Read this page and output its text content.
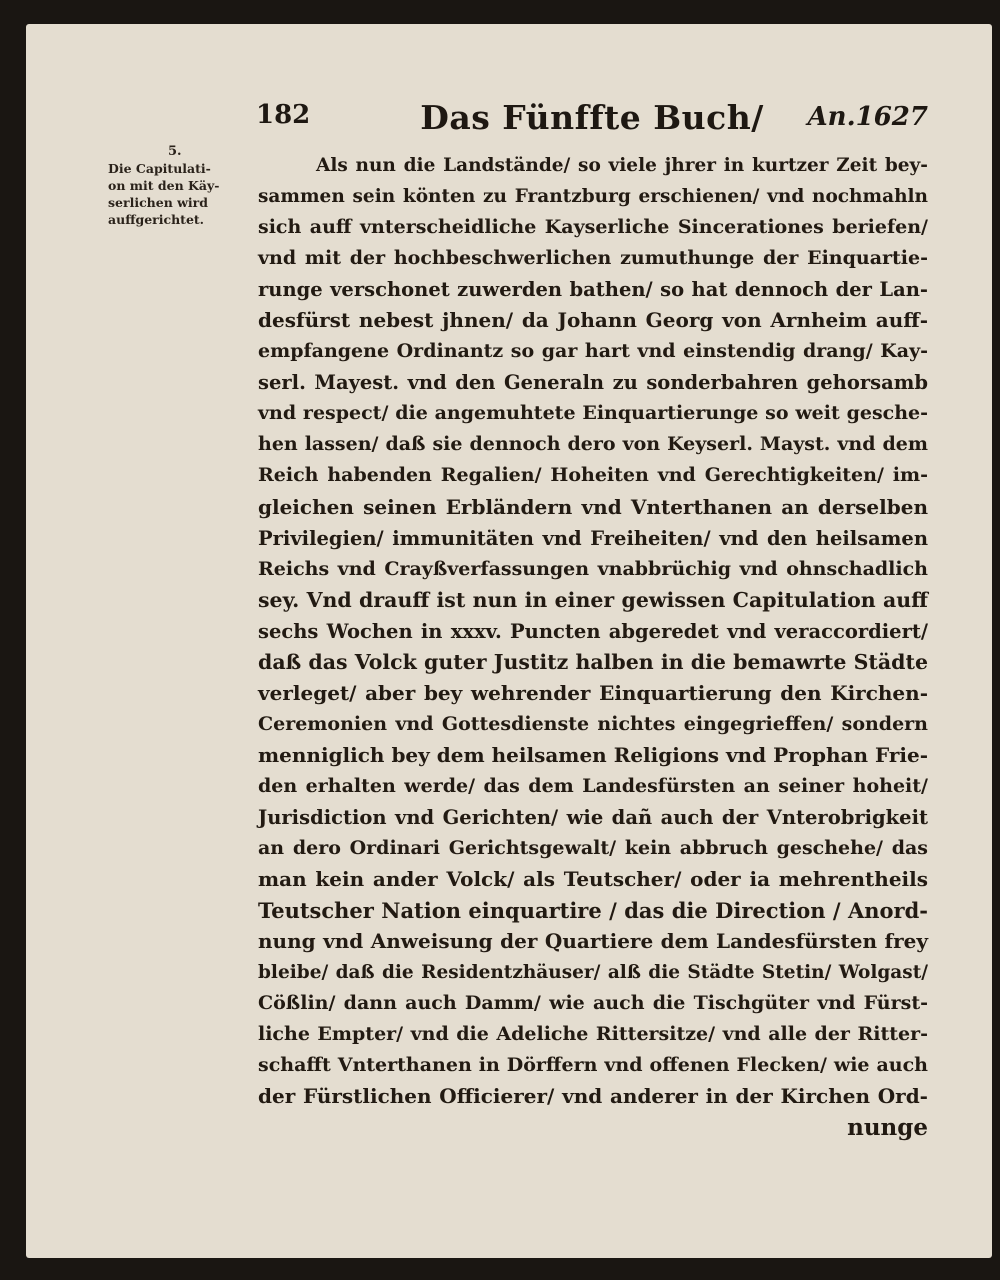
182	Das Fünffte Buch/	An.1627
5.
Die Capitulati-
on mit den Käy-
serlichen wird
auffgerichtet.
Als nun die Landstände/ so viele jhrer in kurtzer Zeit bey-
sammen sein könten zu Frantzburg erschienen/ vnd nochmahln
sich auff vnterscheidliche Kayserliche Sincerationes beriefen/
vnd mit der hochbeschwerlichen zumuthunge der Einquartie-
runge verschonet zuwerden bathen/ so hat dennoch der Lan-
desfürst nebest jhnen/ da Johann Georg von Arnheim auff-
empfangene Ordinantz so gar hart vnd einstendig drang/ Kay-
serl. Mayest. vnd den Generaln zu sonderbahren gehorsamb
vnd respect/ die angemuhtete Einquartierunge so weit gesche-
hen lassen/ daß sie dennoch dero von Keyserl. Mayst. vnd dem
Reich habenden Regalien/ Hoheiten vnd Gerechtigkeiten/ im-
gleichen seinen Erbländern vnd Vnterthanen an derselben
Privilegien/ immunitäten vnd Freiheiten/ vnd den heilsamen
Reichs vnd Crayßverfassungen vnabbrüchig vnd ohnschadlich
sey. Vnd drauff ist nun in einer gewissen Capitulation auff
sechs Wochen in xxxv. Puncten abgeredet vnd veraccordiert/
daß das Volck guter Justitz halben in die bemawrte Städte
verleget/ aber bey wehrender Einquartierung den Kirchen-
Ceremonien vnd Gottesdienste nichtes eingegrieffen/ sondern
menniglich bey dem heilsamen Religions vnd Prophan Frie-
den erhalten werde/ das dem Landesfürsten an seiner hoheit/
Jurisdiction vnd Gerichten/ wie dañ auch der Vnterobrigkeit
an dero Ordinari Gerichtsgewalt/ kein abbruch geschehe/ das
man kein ander Volck/ als Teutscher/ oder ia mehrentheils
Teutscher Nation einquartire / das die Direction / Anord-
nung vnd Anweisung der Quartiere dem Landesfürsten frey
bleibe/ daß die Residentzhäuser/ alß die Städte Stetin/ Wolgast/
Cößlin/ dann auch Damm/ wie auch die Tischgüter vnd Fürst-
liche Empter/ vnd die Adeliche Rittersitze/ vnd alle der Ritter-
schafft Vnterthanen in Dörffern vnd offenen Flecken/ wie auch
der Fürstlichen Officierer/ vnd anderer in der Kirchen Ord-
nunge
